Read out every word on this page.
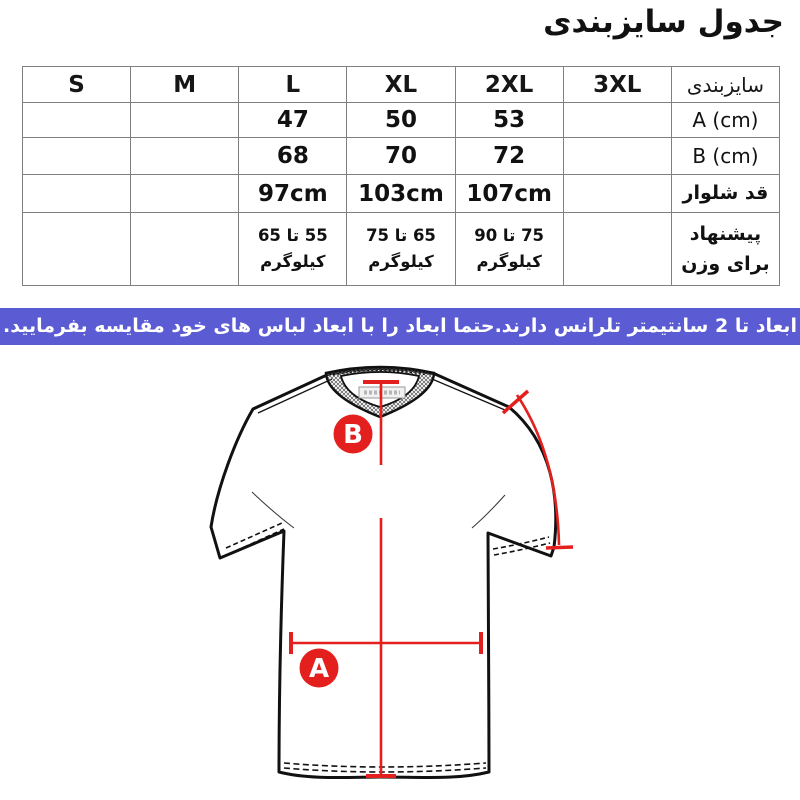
جدول سایزبندی
S	M	L	XL	2XL	3XL	سایزبندی
		47	50	53		A (cm)
		68	70	72		B (cm)
		97cm	103cm	107cm		قد شلوار
		55 تا 65 کیلوگرم	65 تا 75 کیلوگرم	75 تا 90 کیلوگرم		پیشنهاد برای وزن
ابعاد تا 2 سانتیمتر تلرانس دارند.حتما ابعاد را با ابعاد لباس های خود مقایسه بفرمایید.
B
A
